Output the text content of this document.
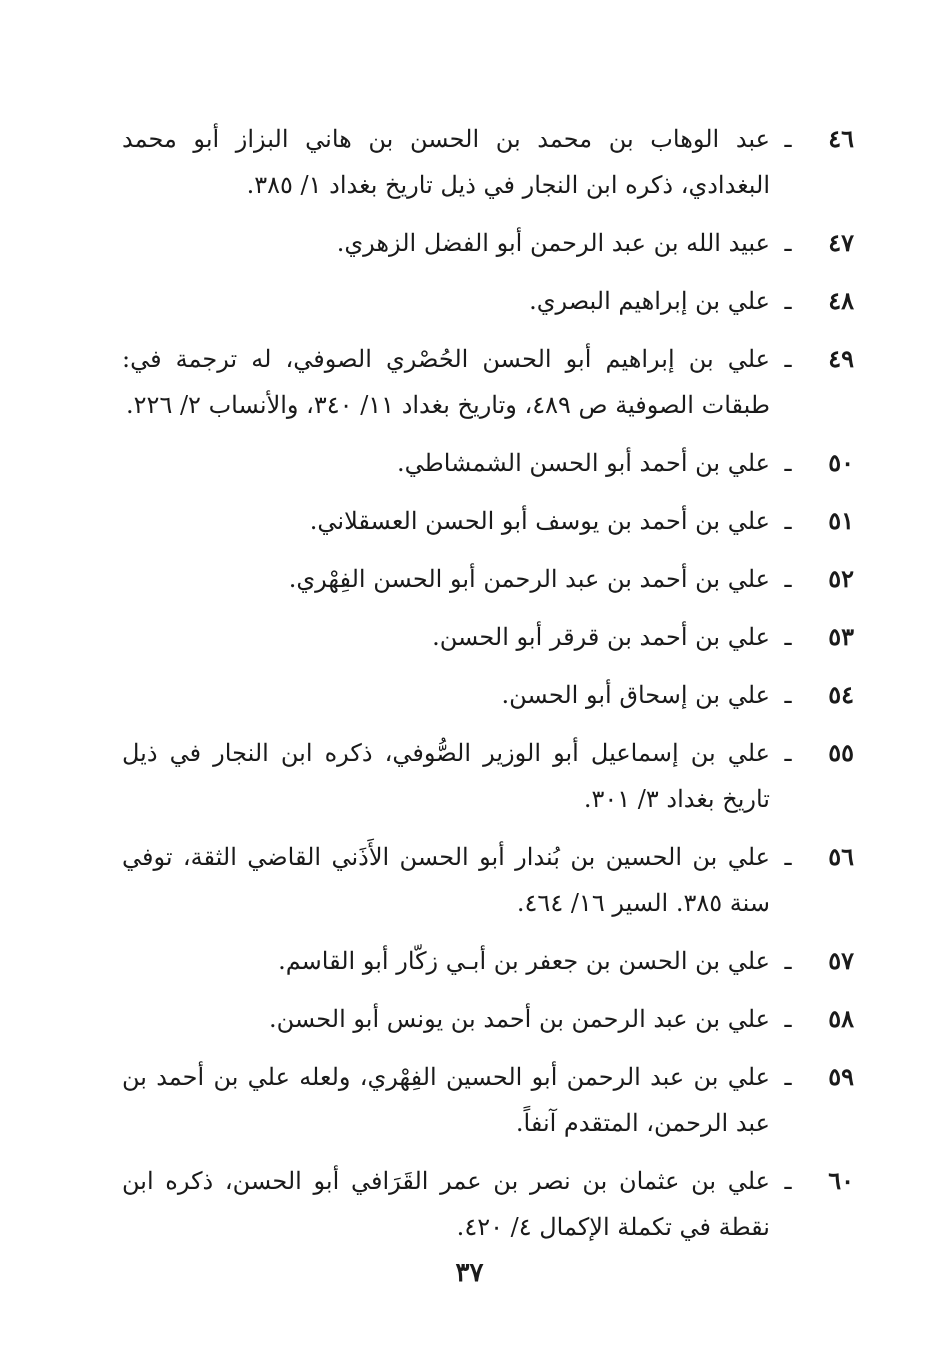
٤٦
ـ
عبد الوهاب بن محمد بن الحسن بن هاني البزاز أبو محمد البغدادي، ذكره ابن النجار في ذيل تاريخ بغداد ١/ ٣٨٥.
٤٧
ـ
عبيد الله بن عبد الرحمن أبو الفضل الزهري.
٤٨
ـ
علي بن إبراهيم البصري.
٤٩
ـ
علي بن إبراهيم أبو الحسن الحُصْري الصوفي، له ترجمة في: طبقات الصوفية ص ٤٨٩، وتاريخ بغداد ١١/ ٣٤٠، والأنساب ٢/ ٢٢٦.
٥٠
ـ
علي بن أحمد أبو الحسن الشمشاطي.
٥١
ـ
علي بن أحمد بن يوسف أبو الحسن العسقلاني.
٥٢
ـ
علي بن أحمد بن عبد الرحمن أبو الحسن الفِهْري.
٥٣
ـ
علي بن أحمد بن قرقر أبو الحسن.
٥٤
ـ
علي بن إسحاق أبو الحسن.
٥٥
ـ
علي بن إسماعيل أبو الوزير الصُّوفي، ذكره ابن النجار في ذيل تاريخ بغداد ٣/ ٣٠١.
٥٦
ـ
علي بن الحسين بن بُندار أبو الحسن الأَذَني القاضي الثقة، توفي سنة ٣٨٥. السير ١٦/ ٤٦٤.
٥٧
ـ
علي بن الحسن بن جعفر بن أبـي زكّار أبو القاسم.
٥٨
ـ
علي بن عبد الرحمن بن أحمد بن يونس أبو الحسن.
٥٩
ـ
علي بن عبد الرحمن أبو الحسين الفِهْري، ولعله علي بن أحمد بن عبد الرحمن، المتقدم آنفاً.
٦٠
ـ
علي بن عثمان بن نصر بن عمر القَرَافي أبو الحسن، ذكره ابن نقطة في تكملة الإكمال ٤/ ٤٢٠.
٣٧
